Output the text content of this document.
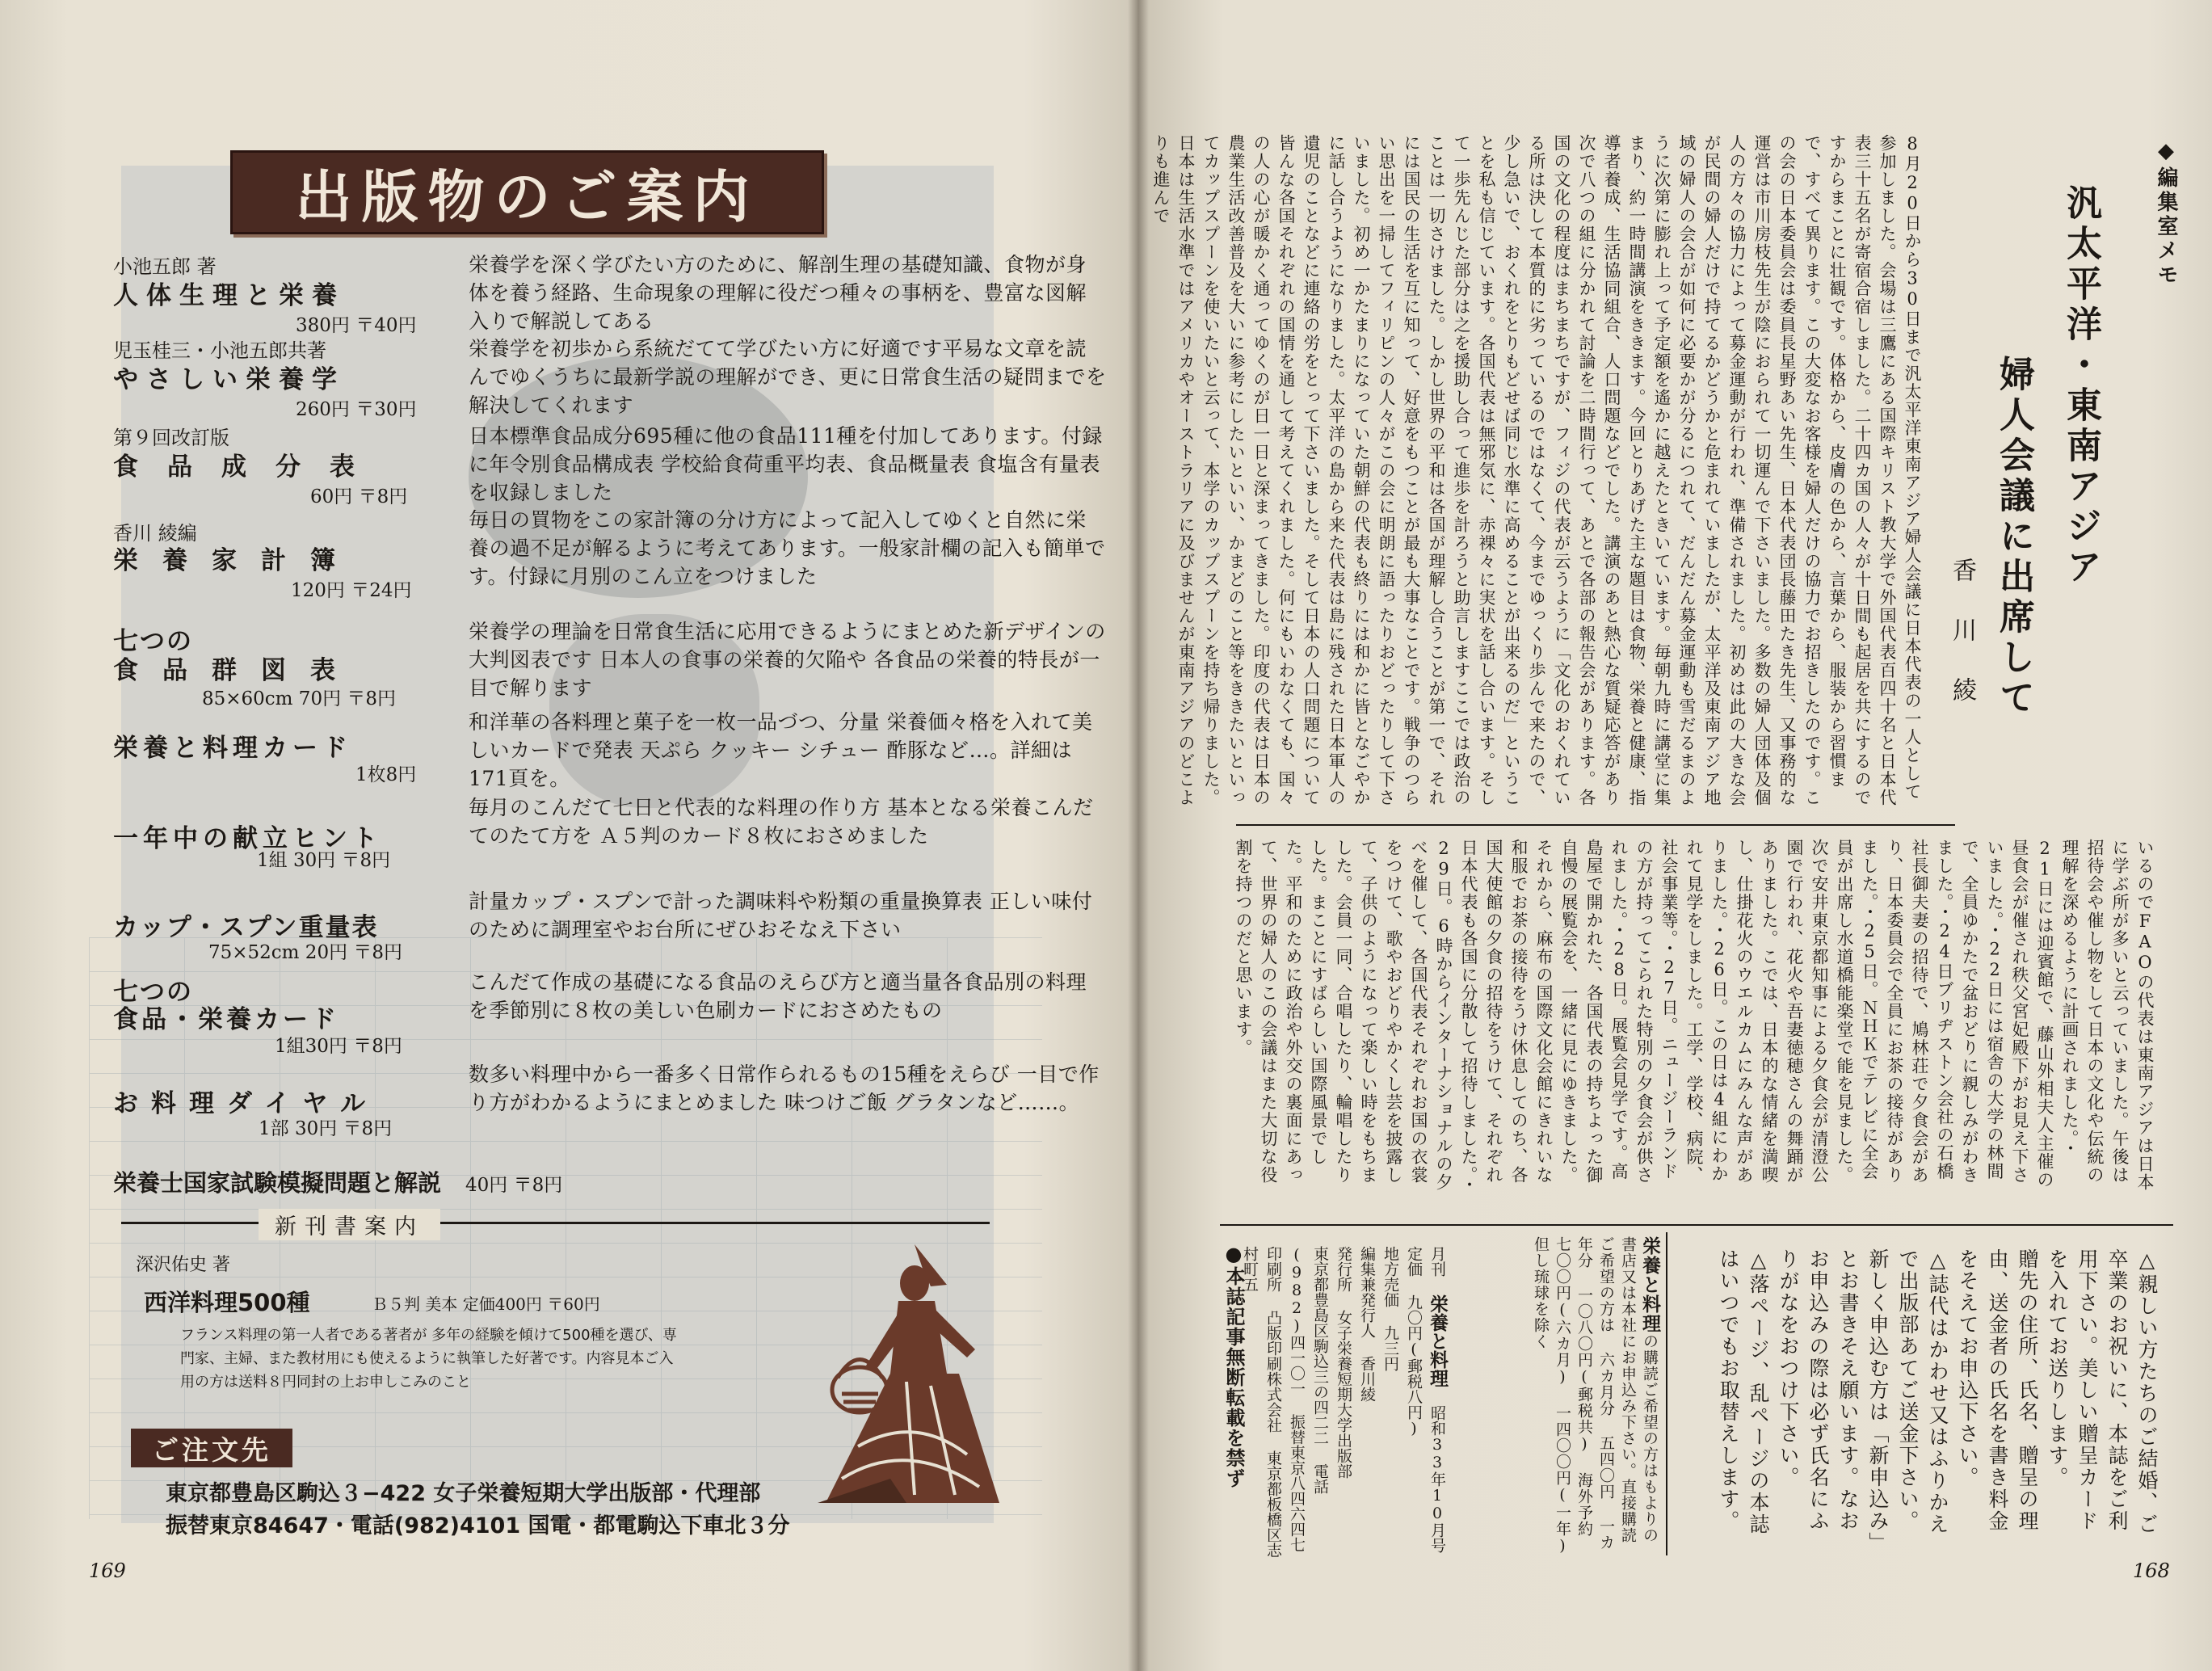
出版物のご案内
小池五郎 著
人体生理と栄養
380円 〒40円
栄養学を深く学びたい方のために、解剖生理の基礎知識、食物が身体を養う経路、生命現象の理解に役だつ種々の事柄を、豊富な図解入りで解説してある
児玉桂三・小池五郎共著
やさしい栄養学
260円 〒30円
栄養学を初歩から系統だてて学びたい方に好適です平易な文章を読んでゆくうちに最新学説の理解ができ、更に日常食生活の疑問までを解決してくれます
第９回改訂版
食品成分表
60円 〒8円
日本標準食品成分695種に他の食品111種を付加してあります。付録に年令別食品構成表 学校給食荷重平均表、食品概量表 食塩含有量表を収録しました
香川 綾編
栄養家計簿
120円 〒24円
毎日の買物をこの家計簿の分け方によって記入してゆくと自然に栄養の過不足が解るように考えてあります。一般家計欄の記入も簡単です。付録に月別のこん立をつけました
七つの
食品群図表
85×60cm 70円 〒8円
栄養学の理論を日常食生活に応用できるようにまとめた新デザインの大判図表です 日本人の食事の栄養的欠陥や 各食品の栄養的特長が一目で解ります
栄養と料理カード
1枚8円
和洋華の各料理と菓子を一枚一品づつ、分量 栄養価々格を入れて美しいカードで発表 天ぷら クッキー シチュー 酢豚など…。詳細は171頁を。
一年中の献立ヒント
1組 30円 〒8円
毎月のこんだて七日と代表的な料理の作り方 基本となる栄養こんだてのたて方を Ａ５判のカード８枚におさめました
カップ・スプン重量表
75×52cm 20円 〒8円
計量カップ・スプンで計った調味料や粉類の重量換算表 正しい味付のために調理室やお台所にぜひおそなえ下さい
七つの
食品・栄養カード
1組30円 〒8円
こんだて作成の基礎になる食品のえらび方と適当量各食品別の料理を季節別に８枚の美しい色刷カードにおさめたもの
お料理ダイヤル
1部 30円 〒8円
数多い料理中から一番多く日常作られるもの15種をえらび 一目で作り方がわかるようにまとめました 味つけご飯 グラタンなど……。
栄養士国家試験模擬問題と解説 40円 〒8円
新刊書案内
深沢佑史 著
西洋料理500種	Ｂ５判 美本 定価400円 〒60円
フランス料理の第一人者である著者が 多年の経験を傾けて500種を選び、専門家、主婦、また教材用にも使えるように執筆した好著です。内容見本ご入用の方は送料８円同封の上お申しこみのこと
ご注文先
東京都豊島区駒込３−422 女子栄養短期大学出版部・代理部
振替東京84647・電話(982)4101 国電・都電駒込下車北３分
169
◆編集室メモ
汎太平洋・東南アジア
婦人会議に出席して
香川綾
8月20日から30日まで汎太平洋東南アジア婦人会議に日本代表の一人として参加しました。会場は三鷹にある国際キリスト教大学で外国代表百四十名と日本代表三十五名が寄宿合宿しました。二十四カ国の人々が十日間も起居を共にするのですからまことに壮観です。体格から、皮膚の色から、言葉から、服装から習慣まで、すべて異ります。この大変なお客様を婦人だけの協力でお招きしたのです。この会の日本委員会は委員長星野あい先生、日本代表団長藤田たき先生、又事務的な運営は市川房枝先生が陰におられて一切運んで下さいました。多数の婦人団体及個人の方々の協力によって募金運動が行われ、準備されました。初めは此の大きな会が民間の婦人だけで持てるかどうかと危まれていましたが、太平洋及東南アジア地域の婦人の会合が如何に必要かが分るにつれて、だんだん募金運動も雪だるまのように次第に膨れ上って予定額を遙かに越えたときいています。毎朝九時に講堂に集まり、約一時間講演をききます。今回とりあげた主な題目は食物、栄養と健康、指導者養成、生活協同組合、人口問題などでした。講演のあと熱心な質疑応答があり次で八つの組に分かれて討論を二時間行って、あとで各部の報告会があります。各国の文化の程度はまちまちですが、フィジの代表が云うように「文化のおくれている所は決して本質的に劣っているのではなくて、今までゆっくり歩んで来たので、少し急いで、おくれをとりもどせば同じ水準に高めることが出来るのだ」ということを私も信じています。各国代表は無邪気に、赤裸々に実状を話し合います。そして一歩先んじた部分は之を援助し合って進歩を計ろうと助言しますここでは政治のことは一切さけました。しかし世界の平和は各国が理解し合うことが第一で、それには国民の生活を互に知って、好意をもつことが最も大事なことです。戦争のつらい思出を一掃してフィリピンの人々がこの会に明朗に語ったりおどったりして下さいました。初め一かたまりになっていた朝鮮の代表も終りには和かに皆となごやかに話し合うようになりました。太平洋の島から来た代表は島に残された日本軍人の遺児のことなどに連絡の労をとって下さいました。そして日本の人口問題について皆んな各国それぞれの国情を通して考えてくれました。何にもいわなくても、国々の人の心が暖かく通ってゆくのが日一日と深まってきました。印度の代表は日本の農業生活改善普及を大いに参考にしたいといい、かまどのこと等をききたいといってカップスプーンを使いたいと云って、本学のカップスプーンを持ち帰りました。日本は生活水準ではアメリカやオーストラリアに及びませんが東南アジアのどこよりも進んで
いるのでFAOの代表は東南アジアは日本に学ぶ所が多いと云っていました。午後は招待会や催し物をして日本の文化や伝統の理解を深めるように計画されました。・21日には迎賓館で、藤山外相夫人主催の昼食会が催され秩父宮妃殿下がお見え下さいました。・22日には宿舎の大学の林間で、全員ゆかたで盆おどりに親しみがわきました。・24日ブリヂストン会社の石橋社長御夫妻の招待で、鳩林荘で夕食会があり、日本委員会で全員にお茶の接待がありました。・25日。ＮＨＫでテレビに全会員が出席し水道橋能楽堂で能を見ました。次で安井東京都知事による夕食会が清澄公園で行われ、花火や吾妻徳穂さんの舞踊がありました。こでは、日本的な情緒を満喫し、仕掛花火のウエルカムにみんな声がありました。・26日。この日は4組にわかれて見学をしました。工学、学校、病院、社会事業等。・27日。ニュージーランドの方が持ってこられた特別の夕食会が供されました。・28日。展覧会見学です。高島屋で開かれた、各国代表の持ちよった御自慢の展覧会を、一緒に見にゆきました。それから、麻布の国際文化会館にきれいな和服でお茶の接待をうけ休息してのち、各国大使館の夕食の招待をうけて、それぞれ日本代表も各国に分散して招待しました。・29日。6時からインターナショナルの夕べを催して、各国代表それぞれお国の衣裳をつけて、歌やおどりやかくし芸を披露して、子供のようになって楽しい時をもちました。会員一同、合唱したり、輪唱したりした。まことにすばらしい国際風景でした。平和のために政治や外交の裏面にあって、世界の婦人のこの会議はまた大切な役割を持つのだと思います。

△親しい方たちのご結婚、ご卒業のお祝いに、本誌をご利用下さい。美しい贈呈カードを入れてお送りします。

贈先の住所、氏名、贈呈の理由、送金者の氏名を書き料金をそえてお申込下さい。

△誌代はかわせ又はふりかえで出版部あてご送金下さい。新しく申込む方は「新申込み」とお書きそえ願います。なお お申込みの際は必ず氏名にふりがなをおつけ下さい。

△落ページ、乱ページの本誌はいつでもお取替えします。

栄養と料理の購読ご希望の方はもよりの書店又は本社にお申込み下さい。直接購読ご希望の方は 六カ月分 五四〇円 一カ年分 一〇八〇円(郵税共) 海外予約 七〇〇円(六カ月) 一四〇〇円(一年) 但し琉球を除く

月刊 栄養と料理 昭和33年10月号

定価 九〇円(郵税八円)

地方売価 九三円

編集兼発行人 香川綾

発行所 女子栄養短期大学出版部

東京都豊島区駒込三の四二二 電話(982)四一〇一 振替東京八四六四七

印刷所 凸版印刷株式会社 東京都板橋区志村町五

●本誌記事無断転載を禁ず
168
